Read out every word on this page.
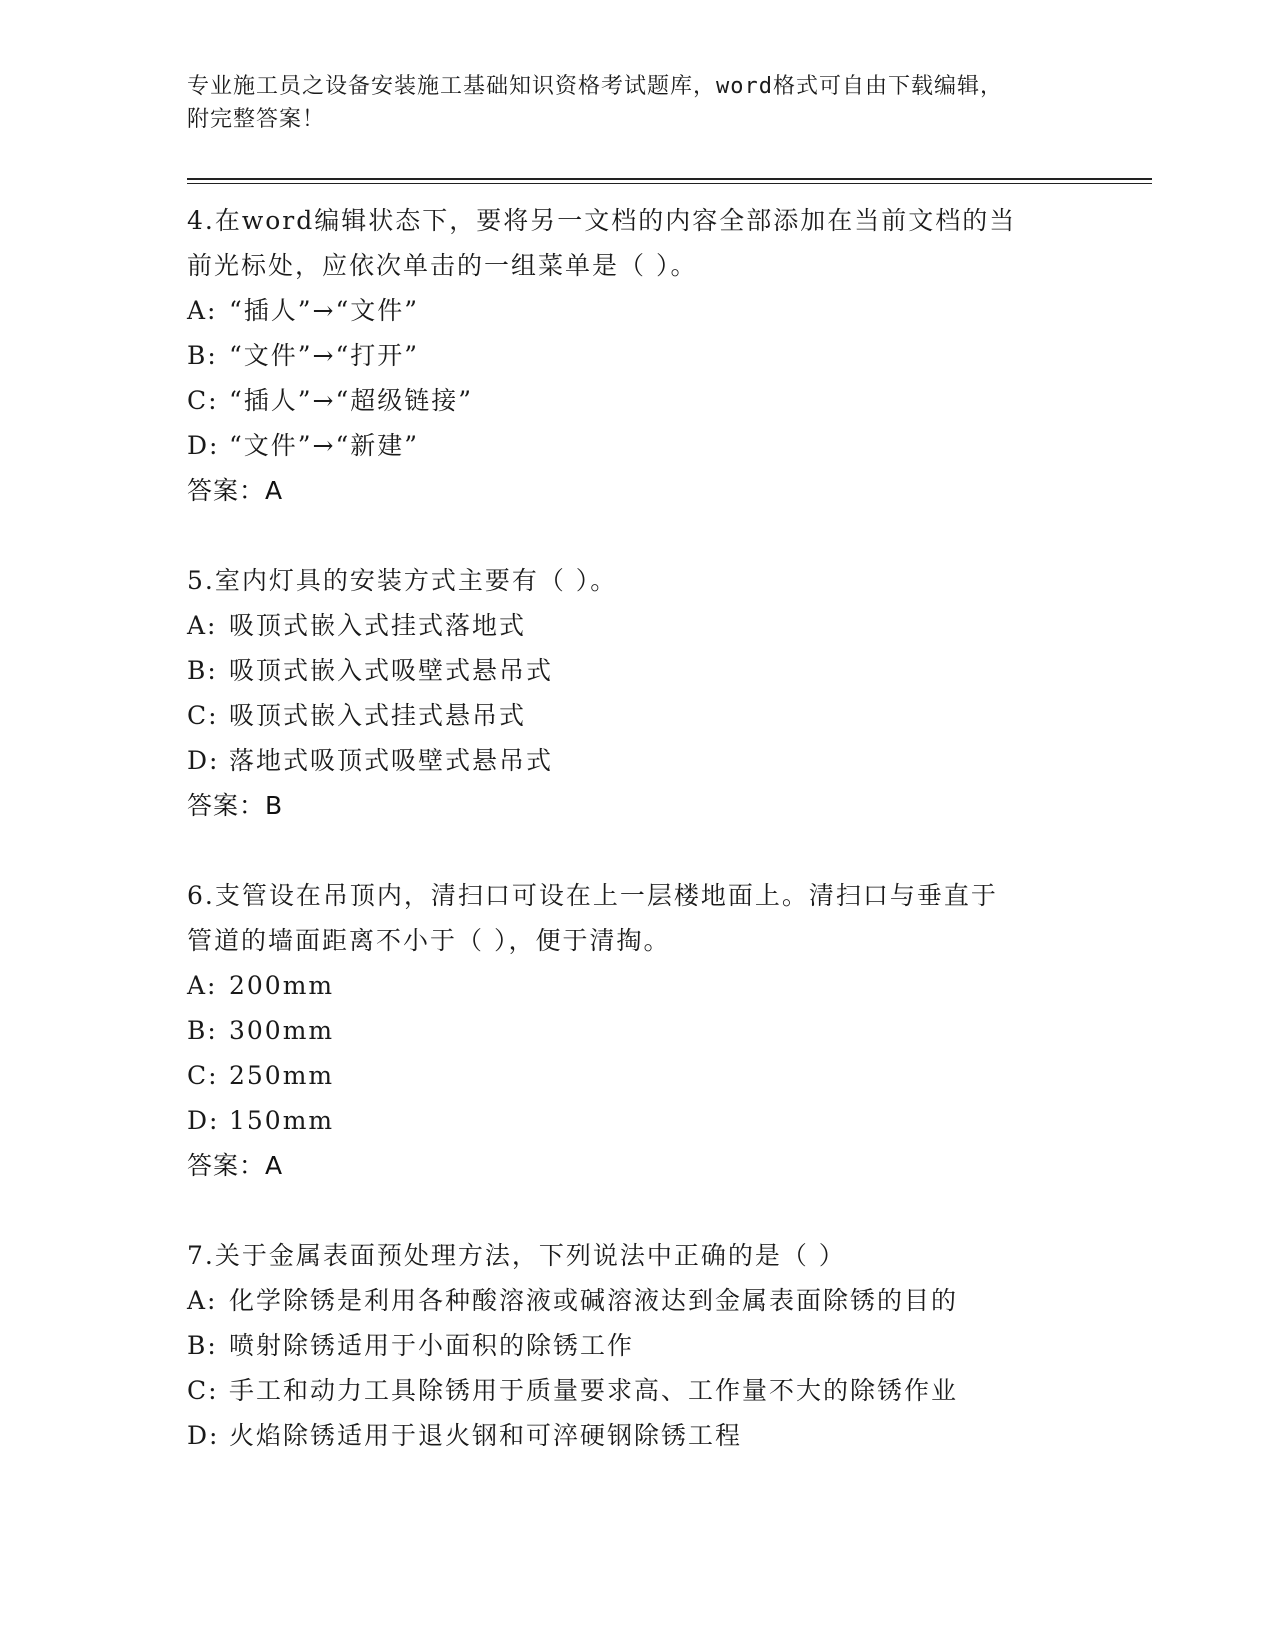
专业施工员之设备安装施工基础知识资格考试题库，word格式可自由下载编辑，
附完整答案！
4.在word编辑状态下，要将另一文档的内容全部添加在当前文档的当
前光标处，应依次单击的一组菜单是（ ）。
A: “插人”→“文件”
B: “文件”→“打开”
C: “插人”→“超级链接”
D: “文件”→“新建”
答案：A
5.室内灯具的安装方式主要有（ ）。
A: 吸顶式嵌入式挂式落地式
B: 吸顶式嵌入式吸壁式悬吊式
C: 吸顶式嵌入式挂式悬吊式
D: 落地式吸顶式吸壁式悬吊式
答案：B
6.支管设在吊顶内，清扫口可设在上一层楼地面上。清扫口与垂直于
管道的墙面距离不小于（ ），便于清掏。
A: 200mm
B: 300mm
C: 250mm
D: 150mm
答案：A
7.关于金属表面预处理方法，下列说法中正确的是（ ）
A: 化学除锈是利用各种酸溶液或碱溶液达到金属表面除锈的目的
B: 喷射除锈适用于小面积的除锈工作
C: 手工和动力工具除锈用于质量要求高、工作量不大的除锈作业
D: 火焰除锈适用于退火钢和可淬硬钢除锈工程
